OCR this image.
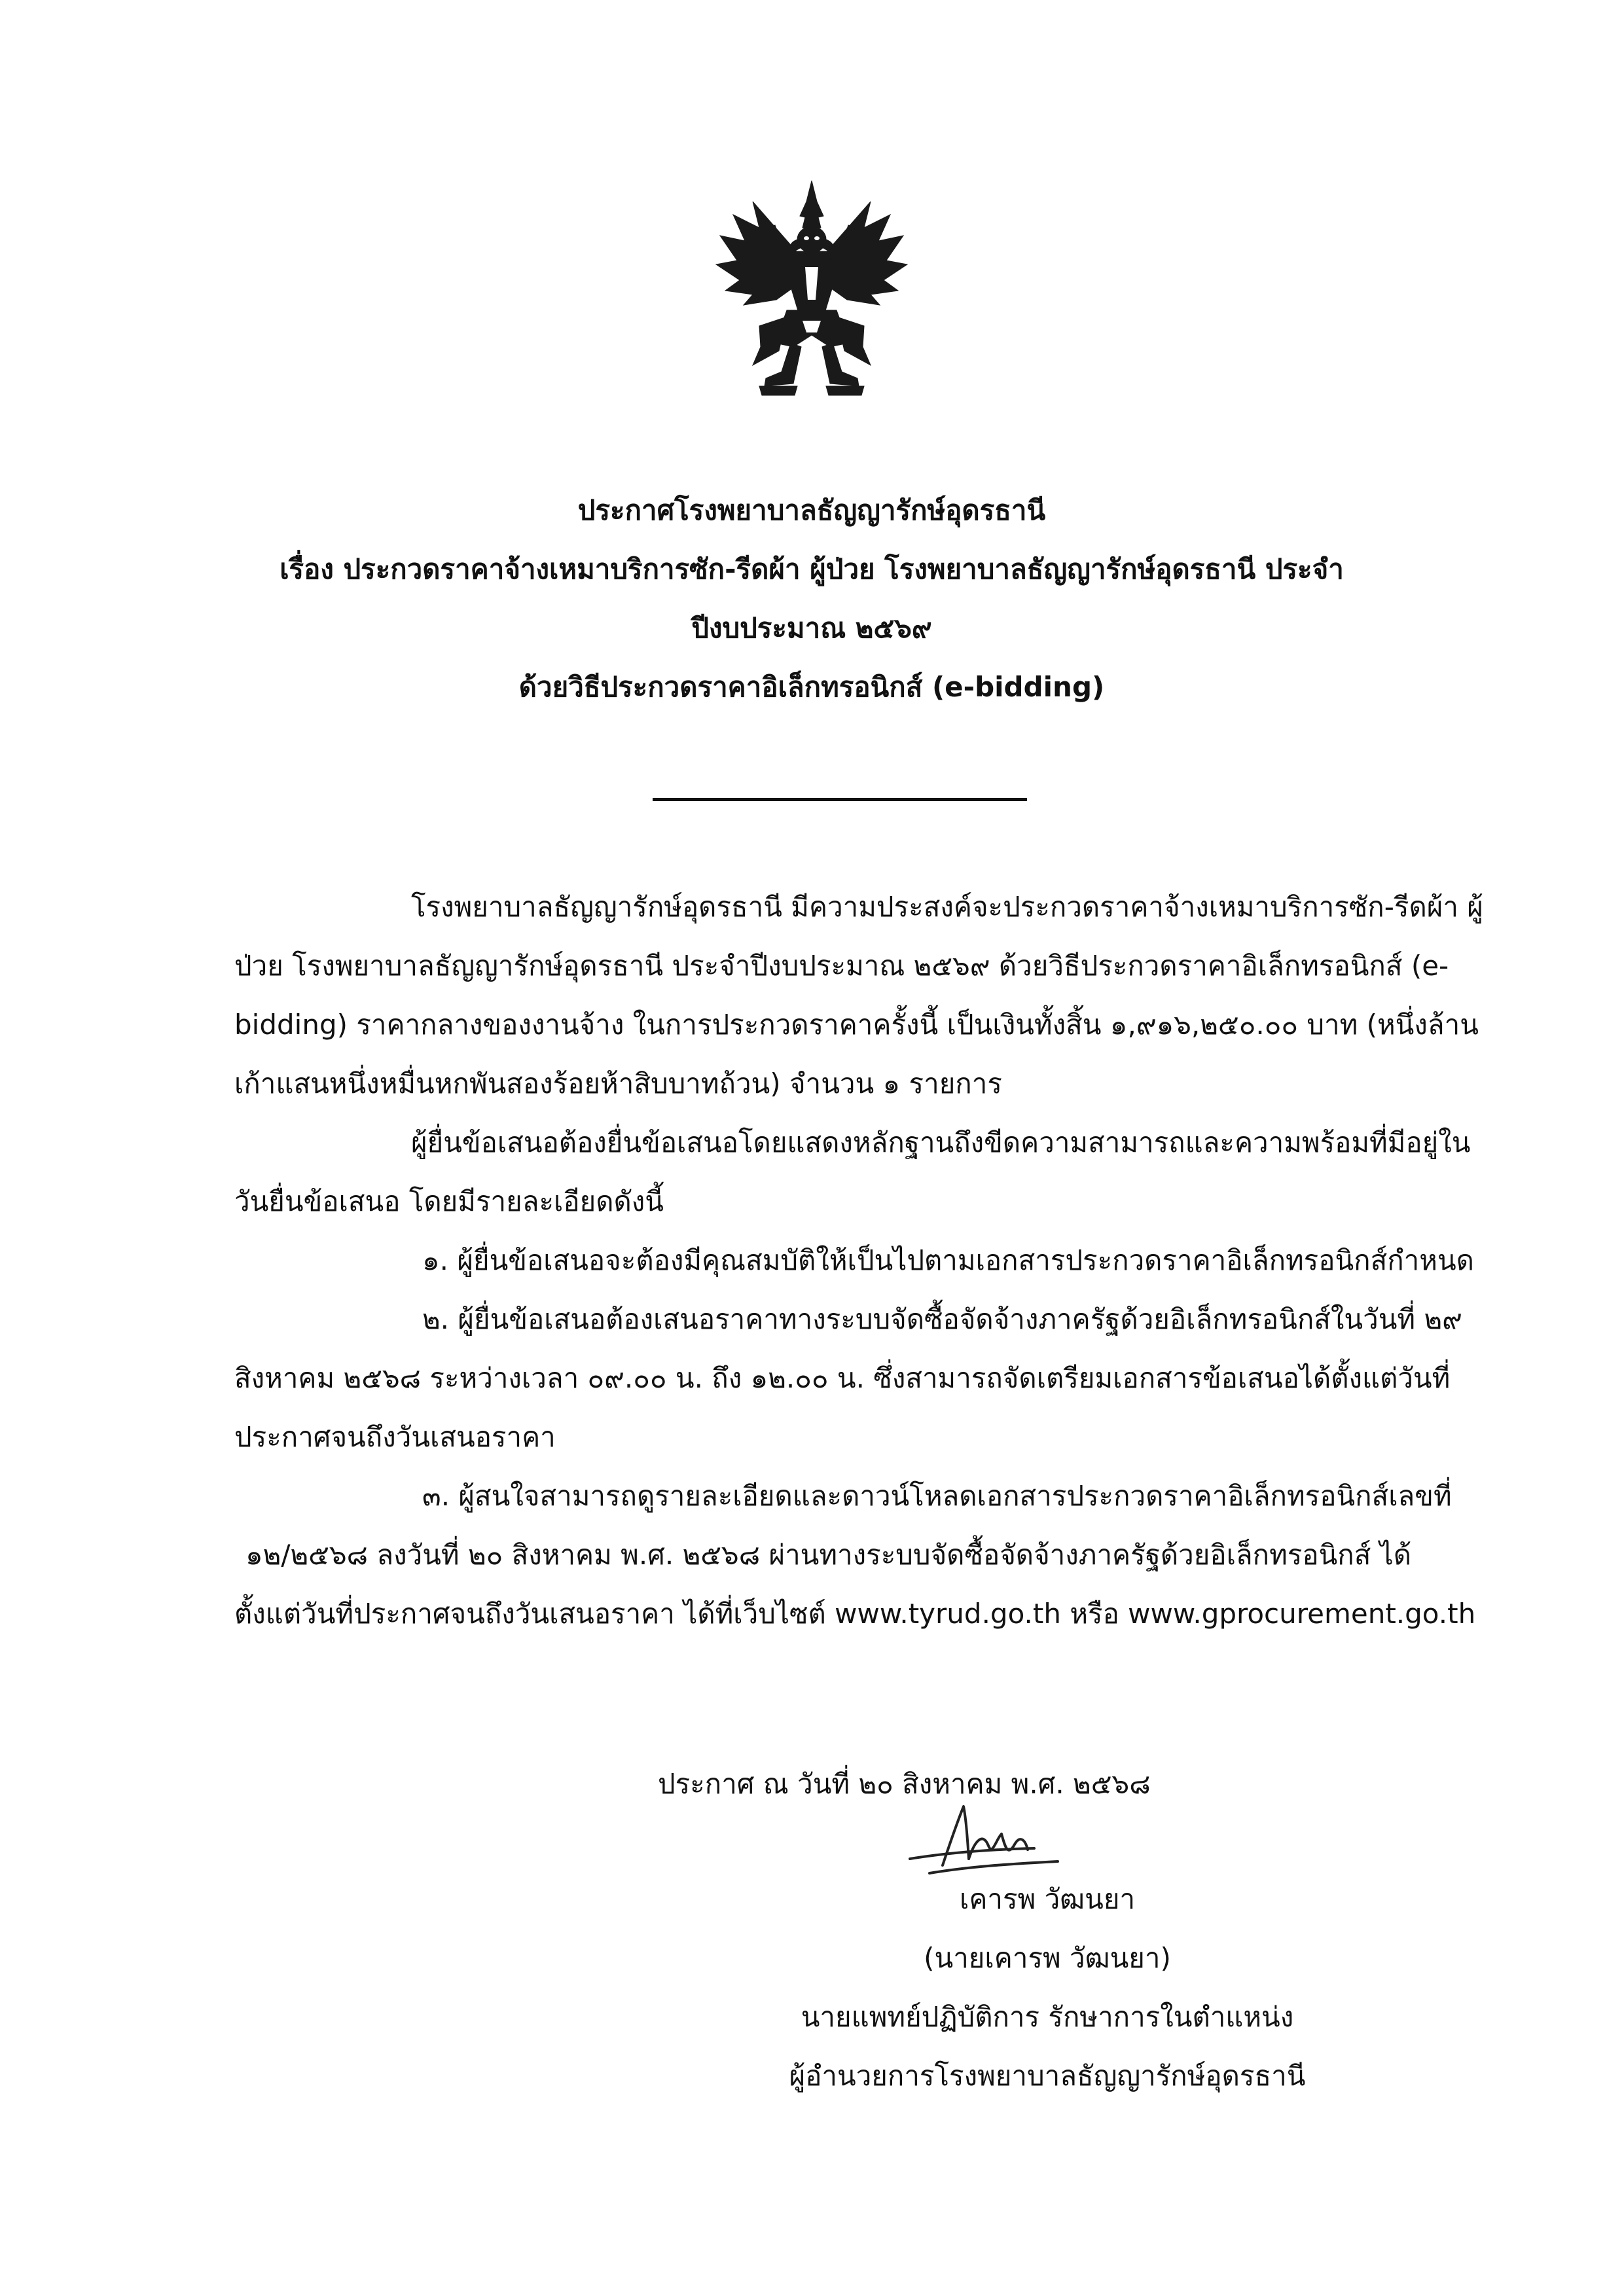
ประกาศโรงพยาบาลธัญญารักษ์อุดรธานี
เรื่อง ประกวดราคาจ้างเหมาบริการซัก-รีดผ้า ผู้ป่วย โรงพยาบาลธัญญารักษ์อุดรธานี ประจำ
ปีงบประมาณ ๒๕๖๙
ด้วยวิธีประกวดราคาอิเล็กทรอนิกส์ (e-bidding)
โรงพยาบาลธัญญารักษ์อุดรธานี มีความประสงค์จะประกวดราคาจ้างเหมาบริการซัก-รีดผ้า ผู้
ป่วย โรงพยาบาลธัญญารักษ์อุดรธานี ประจำปีงบประมาณ ๒๕๖๙ ด้วยวิธีประกวดราคาอิเล็กทรอนิกส์ (e-
bidding) ราคากลางของงานจ้าง ในการประกวดราคาครั้งนี้ เป็นเงินทั้งสิ้น ๑,๙๑๖,๒๕๐.๐๐ บาท (หนึ่งล้าน
เก้าแสนหนึ่งหมื่นหกพันสองร้อยห้าสิบบาทถ้วน) จำนวน ๑ รายการ
ผู้ยื่นข้อเสนอต้องยื่นข้อเสนอโดยแสดงหลักฐานถึงขีดความสามารถและความพร้อมที่มีอยู่ใน
วันยื่นข้อเสนอ โดยมีรายละเอียดดังนี้
๑. ผู้ยื่นข้อเสนอจะต้องมีคุณสมบัติให้เป็นไปตามเอกสารประกวดราคาอิเล็กทรอนิกส์กำหนด
๒. ผู้ยื่นข้อเสนอต้องเสนอราคาทางระบบจัดซื้อจัดจ้างภาครัฐด้วยอิเล็กทรอนิกส์ในวันที่ ๒๙
สิงหาคม ๒๕๖๘ ระหว่างเวลา ๐๙.๐๐ น. ถึง ๑๒.๐๐ น. ซึ่งสามารถจัดเตรียมเอกสารข้อเสนอได้ตั้งแต่วันที่
ประกาศจนถึงวันเสนอราคา
๓. ผู้สนใจสามารถดูรายละเอียดและดาวน์โหลดเอกสารประกวดราคาอิเล็กทรอนิกส์เลขที่
๑๒/๒๕๖๘ ลงวันที่ ๒๐ สิงหาคม พ.ศ. ๒๕๖๘ ผ่านทางระบบจัดซื้อจัดจ้างภาครัฐด้วยอิเล็กทรอนิกส์ ได้
ตั้งแต่วันที่ประกาศจนถึงวันเสนอราคา ได้ที่เว็บไซต์ www.tyrud.go.th หรือ www.gprocurement.go.th
ประกาศ ณ วันที่ ๒๐ สิงหาคม พ.ศ. ๒๕๖๘
เคารพ วัฒนยา
(นายเคารพ วัฒนยา)
นายแพทย์ปฏิบัติการ รักษาการในตำแหน่ง
ผู้อำนวยการโรงพยาบาลธัญญารักษ์อุดรธานี
